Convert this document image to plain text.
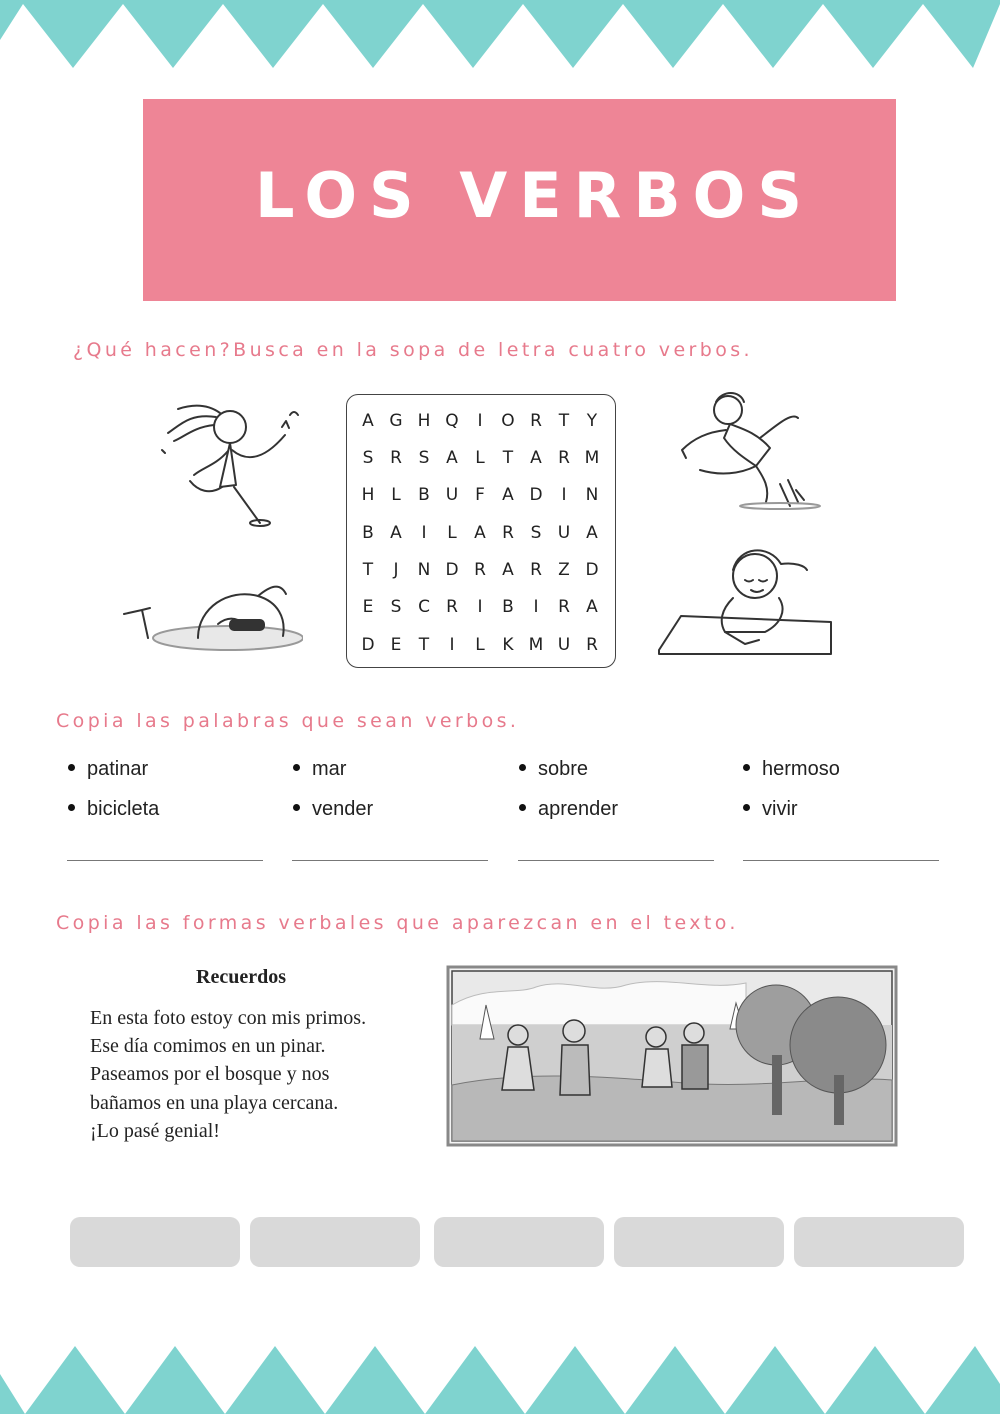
LOS VERBOS
¿Qué hacen?Busca en la sopa de letra cuatro verbos.
A G H Q	I	O R T	Y
S R S A	L	T A R M
H L	B U F	A D	I	N
B A	I	L	A R S U A
T	J	N D R A R Z D
E	S C R	I	B	I	R A
D E	T	I	L	K M U R
Copia las palabras que sean verbos.
patinar
bicicleta
mar
vender
sobre
aprender
hermoso
vivir
Copia las formas verbales que aparezcan en el texto.
Recuerdos
En esta foto estoy con mis primos.
Ese día comimos en un pinar.
Paseamos por el bosque y nos
bañamos en una playa cercana.
¡Lo pasé genial!
